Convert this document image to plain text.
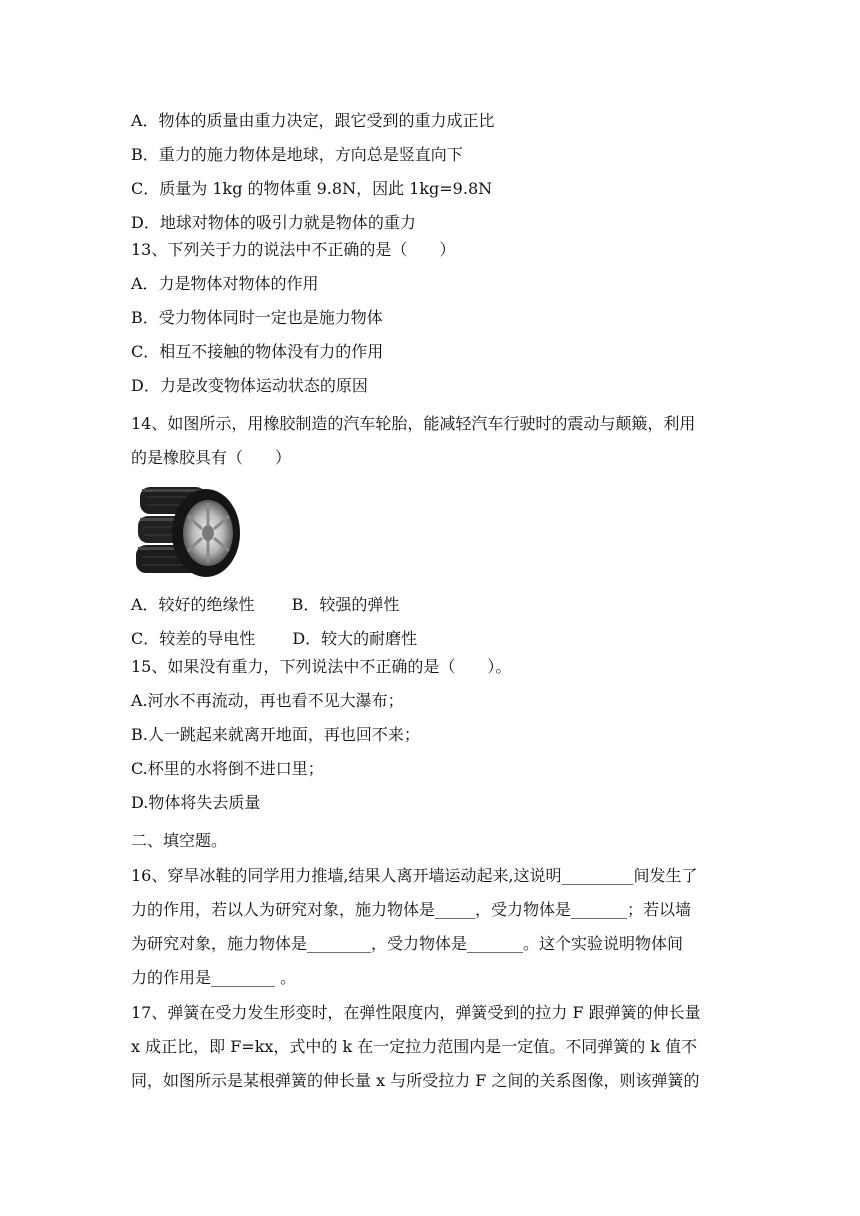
A．物体的质量由重力决定，跟它受到的重力成正比
B．重力的施力物体是地球，方向总是竖直向下
C．质量为 1kg 的物体重 9.8N，因此 1kg=9.8N
D．地球对物体的吸引力就是物体的重力
13、下列关于力的说法中不正确的是（　　）
A．力是物体对物体的作用
B．受力物体同时一定也是施力物体
C．相互不接触的物体没有力的作用
D．力是改变物体运动状态的原因
14、如图所示，用橡胶制造的汽车轮胎，能减轻汽车行驶时的震动与颠簸，利用
的是橡胶具有（　　）
A．较好的绝缘性　　 B．较强的弹性
C．较差的导电性　　 D．较大的耐磨性
15、如果没有重力，下列说法中不正确的是（　　）。
A.河水不再流动，再也看不见大瀑布；
B.人一跳起来就离开地面，再也回不来；
C.杯里的水将倒不进口里；
D.物体将失去质量
二、填空题。
16、穿旱冰鞋的同学用力推墙,结果人离开墙运动起来,这说明_________间发生了
力的作用，若以人为研究对象，施力物体是_____，受力物体是_______；若以墙
为研究对象，施力物体是________，受力物体是_______。这个实验说明物体间
力的作用是________ 。
17、弹簧在受力发生形变时，在弹性限度内，弹簧受到的拉力 F 跟弹簧的伸长量
x 成正比，即 F=kx，式中的 k 在一定拉力范围内是一定值。不同弹簧的 k 值不
同，如图所示是某根弹簧的伸长量 x 与所受拉力 F 之间的关系图像，则该弹簧的
